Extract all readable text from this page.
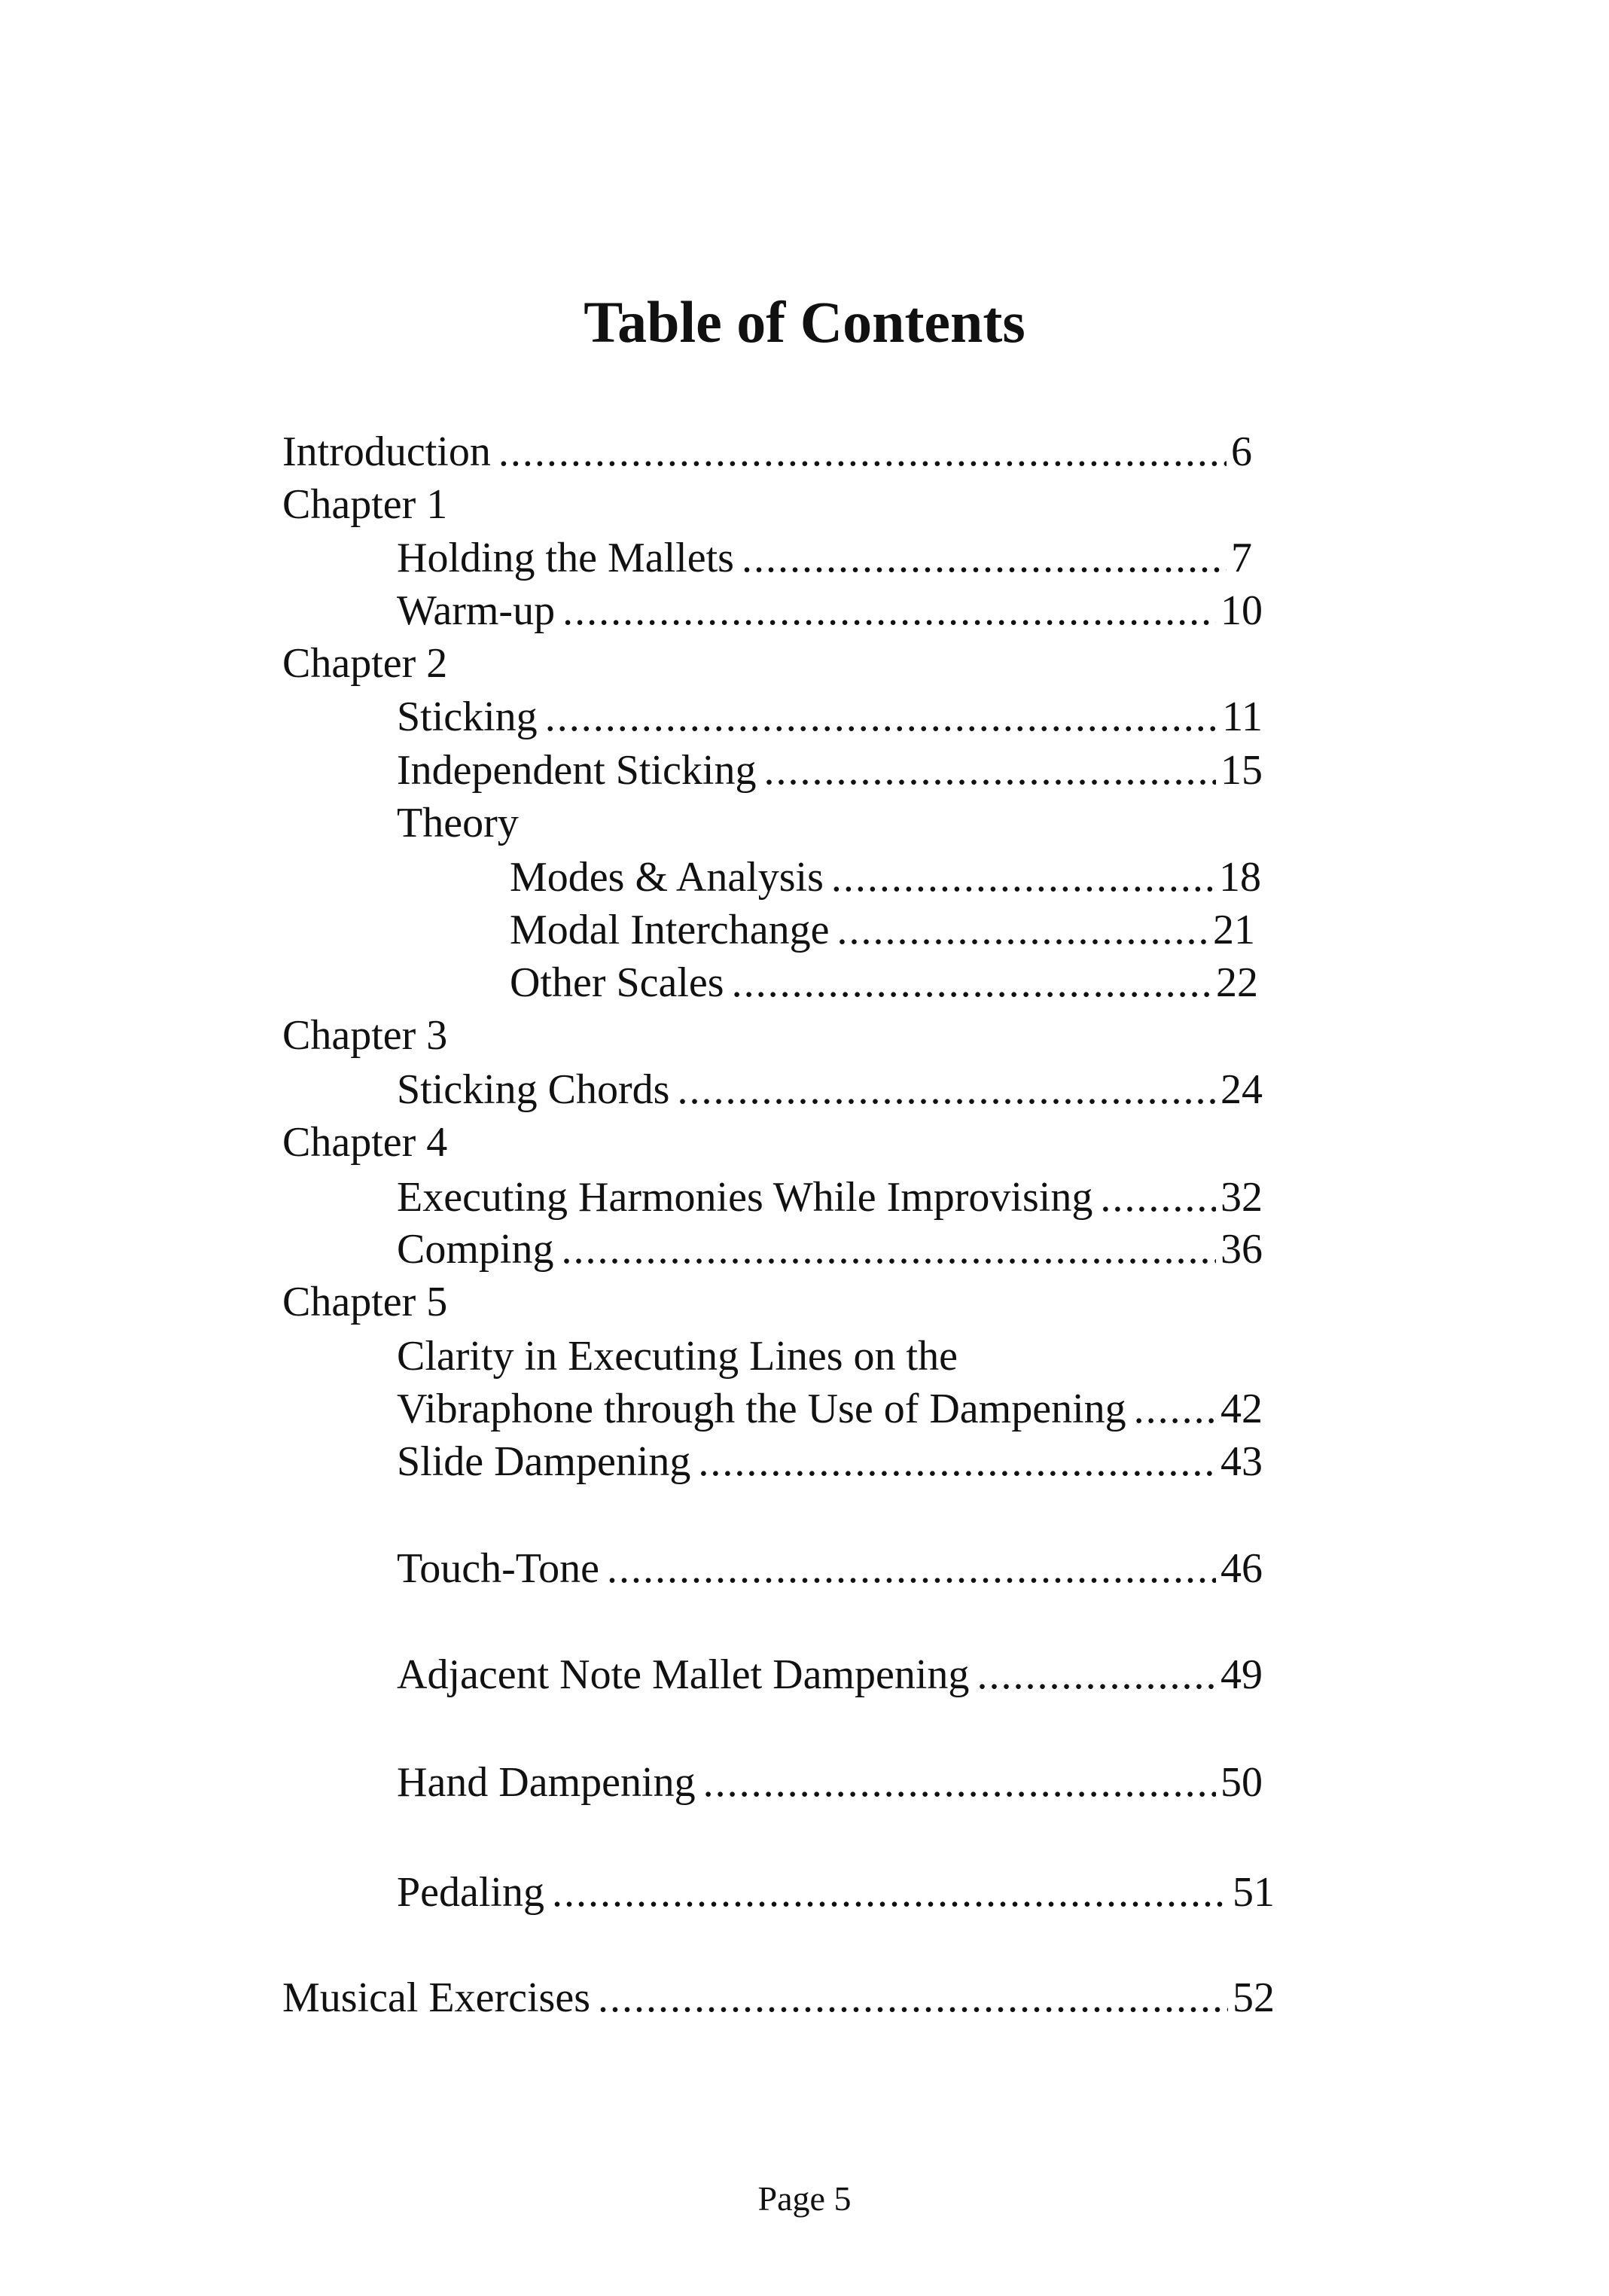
Table of Contents
Introduction .....	6
Chapter 1
Holding the Mallets .....	7
Warm-up .....	10
Chapter 2
Sticking .....	11
Independent Sticking .....	15
Theory
Modes & Analysis .....	18
Modal Interchange .....	21
Other Scales .....	22
Chapter 3
Sticking Chords .....	24
Chapter 4
Executing Harmonies While Improvising .....	32
Comping .....	36
Chapter 5
Clarity in Executing Lines on the
Vibraphone through the Use of Dampening ..... 42
Slide Dampening .....	43
Touch-Tone .....	46
Adjacent Note Mallet Dampening .....	49
Hand Dampening .....	50
Pedaling .....	51
Musical Exercises .....	52

Page 5
